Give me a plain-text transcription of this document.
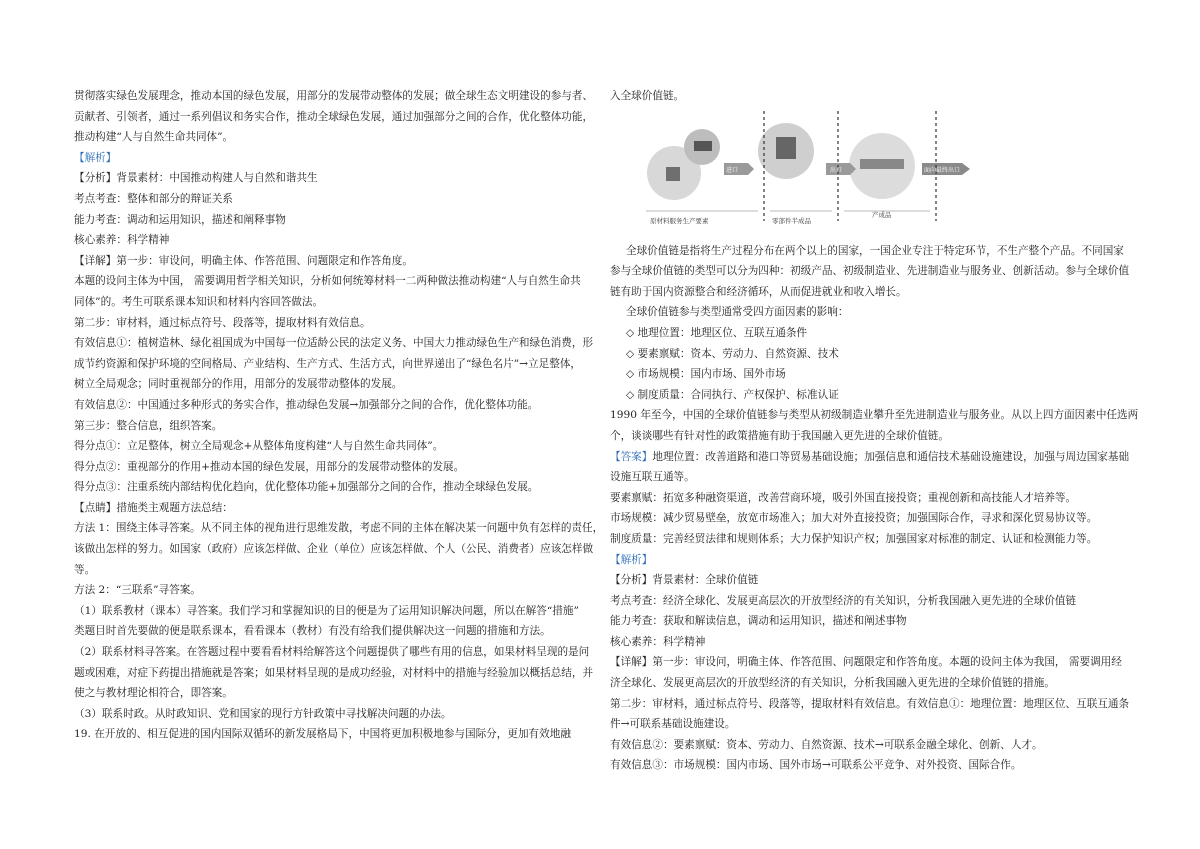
贯彻落实绿色发展理念，推动本国的绿色发展，用部分的发展带动整体的发展；做全球生态文明建设的参与者、
贡献者、引领者，通过一系列倡议和务实合作，推动全球绿色发展，通过加强部分之间的合作，优化整体功能，
推动构建“人与自然生命共同体”。
【解析】
【分析】背景素材：中国推动构建人与自然和谐共生
考点考查：整体和部分的辩证关系
能力考查：调动和运用知识，描述和阐释事物
核心素养：科学精神
【详解】第一步：审设问，明确主体、作答范围、问题限定和作答角度。
本题的设问主体为中国， 需要调用哲学相关知识，分析如何统筹材料一二两种做法推动构建“人与自然生命共
同体”的。考生可联系课本知识和材料内容回答做法。
第二步：审材料，通过标点符号、段落等，提取材料有效信息。
有效信息①：植树造林、绿化祖国成为中国每一位适龄公民的法定义务、中国大力推动绿色生产和绿色消费，形
成节约资源和保护环境的空间格局、产业结构、生产方式、生活方式，向世界递出了“绿色名片”→立足整体，
树立全局观念；同时重视部分的作用，用部分的发展带动整体的发展。
有效信息②：中国通过多种形式的务实合作，推动绿色发展→加强部分之间的合作，优化整体功能。
第三步：整合信息，组织答案。
得分点①：立足整体，树立全局观念+从整体角度构建“人与自然生命共同体”。
得分点②：重视部分的作用+推动本国的绿色发展，用部分的发展带动整体的发展。
得分点③：注重系统内部结构优化趋向，优化整体功能+加强部分之间的合作，推动全球绿色发展。
【点睛】措施类主观题方法总结：
方法 1：围绕主体寻答案。从不同主体的视角进行思维发散，考虑不同的主体在解决某一问题中负有怎样的责任，
该做出怎样的努力。如国家（政府）应该怎样做、企业（单位）应该怎样做、个人（公民、消费者）应该怎样做
等。
方法 2：“三联系”寻答案。
（1）联系教材（课本）寻答案。我们学习和掌握知识的目的便是为了运用知识解决问题，所以在解答“措施”
类题目时首先要做的便是联系课本，看看课本（教材）有没有给我们提供解决这一问题的措施和方法。
（2）联系材料寻答案。在答题过程中要看看材料给解答这个问题提供了哪些有用的信息，如果材料呈现的是问
题或困难，对症下药提出措施就是答案；如果材料呈现的是成功经验，对材料中的措施与经验加以概括总结，并
使之与教材理论相符合，即答案。
（3）联系时政。从时政知识、党和国家的现行方针政策中寻找解决问题的办法。
19. 在开放的、相互促进的国内国际双循环的新发展格局下，中国将更加积极地参与国际分，更加有效地融
入全球价值链。
进口	出口	面向最终出口
原材料服务生产要素	零部件半成品
产成品
全球价值链是指将生产过程分布在两个以上的国家，一国企业专注于特定环节，不生产整个产品。不同国家
参与全球价值链的类型可以分为四种：初级产品、初级制造业、先进制造业与服务业、创新活动。参与全球价值
链有助于国内资源整合和经济循环，从而促进就业和收入增长。
全球价值链参与类型通常受四方面因素的影响：
◇ 地理位置：地理区位、互联互通条件
◇ 要素禀赋：资本、劳动力、自然资源、技术
◇ 市场规模：国内市场、国外市场
◇ 制度质量：合同执行、产权保护、标准认证
1990 年至今，中国的全球价值链参与类型从初级制造业攀升至先进制造业与服务业。从以上四方面因素中任选两
个，谈谈哪些有针对性的政策措施有助于我国融入更先进的全球价值链。
【答案】地理位置：改善道路和港口等贸易基础设施；加强信息和通信技术基础设施建设，加强与周边国家基础
设施互联互通等。
要素禀赋：拓宽多种融资渠道，改善营商环境，吸引外国直接投资；重视创新和高技能人才培养等。
市场规模：减少贸易壁垒，放宽市场准入；加大对外直接投资；加强国际合作，寻求和深化贸易协议等。
制度质量：完善经贸法律和规则体系；大力保护知识产权；加强国家对标准的制定、认证和检测能力等。
【解析】
【分析】背景素材：全球价值链
考点考查：经济全球化、发展更高层次的开放型经济的有关知识，分析我国融入更先进的全球价值链
能力考查：获取和解读信息，调动和运用知识，描述和阐述事物
核心素养：科学精神
【详解】第一步：审设问，明确主体、作答范围、问题限定和作答角度。本题的设问主体为我国， 需要调用经
济全球化、发展更高层次的开放型经济的有关知识，分析我国融入更先进的全球价值链的措施。
第二步：审材料，通过标点符号、段落等，提取材料有效信息。有效信息①：地理位置：地理区位、互联互通条
件→可联系基础设施建设。
有效信息②：要素禀赋：资本、劳动力、自然资源、技术→可联系金融全球化、创新、人才。
有效信息③：市场规模：国内市场、国外市场→可联系公平竞争、对外投资、国际合作。
